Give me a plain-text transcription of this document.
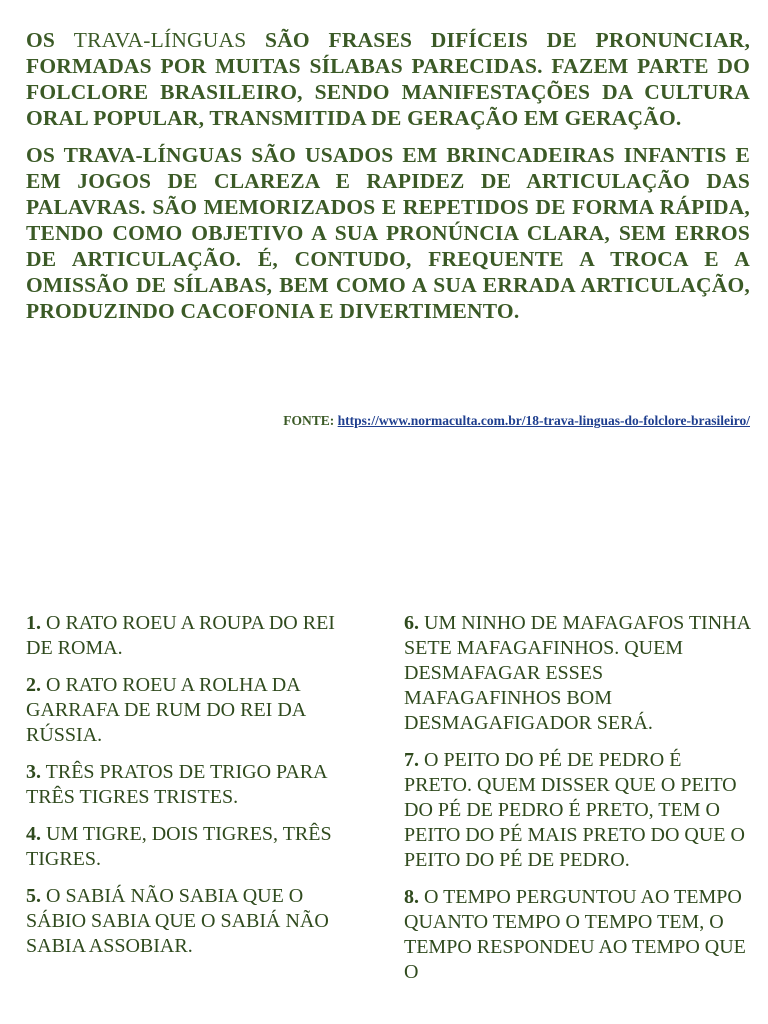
OS TRAVA-LÍNGUAS SÃO FRASES DIFÍCEIS DE PRONUNCIAR, FORMADAS POR MUITAS SÍLABAS PARECIDAS. FAZEM PARTE DO FOLCLORE BRASILEIRO, SENDO MANIFESTAÇÕES DA CULTURA ORAL POPULAR, TRANSMITIDA DE GERAÇÃO EM GERAÇÃO.

OS TRAVA-LÍNGUAS SÃO USADOS EM BRINCADEIRAS INFANTIS E EM JOGOS DE CLAREZA E RAPIDEZ DE ARTICULAÇÃO DAS PALAVRAS. SÃO MEMORIZADOS E REPETIDOS DE FORMA RÁPIDA, TENDO COMO OBJETIVO A SUA PRONÚNCIA CLARA, SEM ERROS DE ARTICULAÇÃO. É, CONTUDO, FREQUENTE A TROCA E A OMISSÃO DE SÍLABAS, BEM COMO A SUA ERRADA ARTICULAÇÃO, PRODUZINDO CACOFONIA E DIVERTIMENTO.

FONTE: https://www.normaculta.com.br/18-trava-linguas-do-folclore-brasileiro/

1. O RATO ROEU A ROUPA DO REI DE ROMA.

2. O RATO ROEU A ROLHA DA GARRAFA DE RUM DO REI DA RÚSSIA.

3. TRÊS PRATOS DE TRIGO PARA TRÊS TIGRES TRISTES.

4. UM TIGRE, DOIS TIGRES, TRÊS TIGRES.

5. O SABIÁ NÃO SABIA QUE O SÁBIO SABIA QUE O SABIÁ NÃO SABIA ASSOBIAR.

6. UM NINHO DE MAFAGAFOS TINHA SETE MAFAGAFINHOS. QUEM DESMAFAGAR ESSES MAFAGAFINHOS BOM DESMAGAFIGADOR SERÁ.

7. O PEITO DO PÉ DE PEDRO É PRETO. QUEM DISSER QUE O PEITO DO PÉ DE PEDRO É PRETO, TEM O PEITO DO PÉ MAIS PRETO DO QUE O PEITO DO PÉ DE PEDRO.

8. O TEMPO PERGUNTOU AO TEMPO QUANTO TEMPO O TEMPO TEM, O TEMPO RESPONDEU AO TEMPO QUE O
